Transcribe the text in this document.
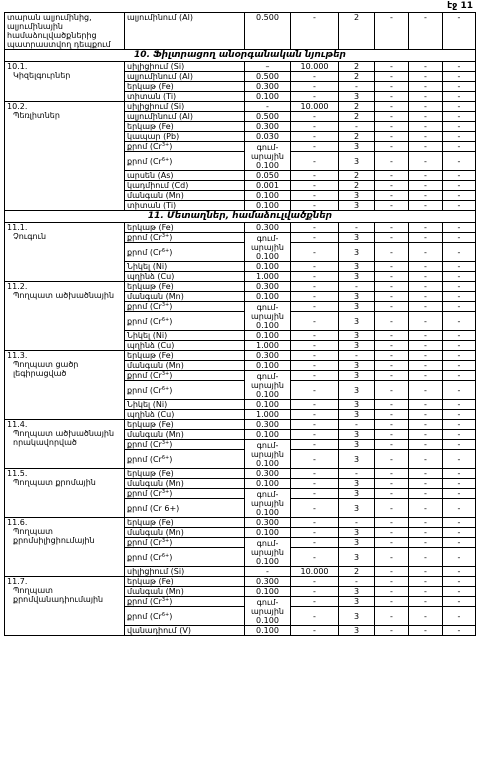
էջ 11
տարան ալյումինից, ալյումինային համաձուլվածքներից պատրաստվող դեպքում	ալյումինում (Al)	0.500	-	2	-	-	-
10. Ֆիլտրացող անօրգանական նյութեր							

10.1.
Կիզելգուրներ	սիլիցիում (Si)	–	10.000	2	-	-	-
	ալյումինում (Al)	0.500	-	2	-	-	-
	երկաթ (Fe)	0.300	-	-	-	-	-
	տիտան (Ti)	0.100	-	3	-	-	-

10.2.
Պեռլիտներ	սիլիցիում (Si)	-	10.000	2	-	-	-
	ալյումինում (Al)	0.500	-	2	-	-	-
	երկաթ (Fe)	0.300	-	-	-	-	-
	կապար (Pb)	0.030	-	2	-	-	-
	քրոմ $(Cr^{3+})$	գում-
արային
0.100	-	3	-	-	-
	քրոմ $(Cr^{6+})$		-	3	-	-	-
	արսեն (As)	0.050	-	2	-	-	-
	կադմիում (Cd)	0.001	-	2	-	-	-
	մանգան (Mn)	0.100	-	3	-	-	-
	տիտան (Ti)	0.100	-	3	-	-	-
11. Մետաղներ, համաձուլվածքներ							

11.1.
Չուգուն	երկաթ (Fe)	0.300	-	-	-	-	-
	քրոմ $(Cr^{3+})$	գում-
արային
0.100	-	3	-	-	-
	քրոմ $(Cr^{6+})$		-	3	-	-	-
	Նիկել (Ni)	0.100	-	3	-	-	-
	պղինձ (Cu)	1.000	-	3	-	-	-

11.2.
Պողպատ ածխածնային	երկաթ (Fe)	0.300	-	-	-	-	-
	մանգան (Mn)	0.100	-	3	-	-	-
	քրոմ $(Cr^{3+})$	գում-
արային
0.100	-	3	-	-	-
	քրոմ $(Cr^{6+})$		-	3	-	-	-
	Նիկել (Ni)	0.100	-	3	-	-	-
	պղինձ (Cu)	1.000	-	3	-	-	-

11.3.
Պողպատ ցածր լեգիրացված	երկաթ (Fe)	0.300	-	-	-	-	-
	մանգան (Mn)	0.100	-	3	-	-	-
	քրոմ $(Cr^{3+})$	գում-
արային
0.100	-	3	-	-	-
	քրոմ $(Cr^{6+})$		-	3	-	-	-
	Նիկել (Ni)	0.100	-	3	-	-	-
	պղինձ (Cu)	1.000	-	3	-	-	-

11.4.
Պողպատ ածխածնային որակավորված	երկաթ (Fe)	0.300	-	-	-	-	-
	մանգան (Mn)	0.100	-	3	-	-	-
	քրոմ $(Cr^{3+})$	գում-
արային
0.100	-	3	-	-	-
	քրոմ $(Cr^{6+})$		-	3	-	-	-

11.5.
Պողպատ քրոմային	երկաթ (Fe)	0.300	-	-	-	-	-
	մանգան (Mn)	0.100	-	3	-	-	-
	քրոմ $(Cr^{3+})$	գում-
արային
0.100	-	3	-	-	-
	քրոմ (Cr 6+)		-	3	-	-	-

11.6.
Պողպատ քրոմսիլիցիումային	երկաթ (Fe)	0.300	-	-	-	-	-
	մանգան (Mn)	0.100	-	3	-	-	-
	քրոմ $(Cr^{3+})$	գում-
արային
0.100	-	3	-	-	-
	քրոմ $(Cr^{6+})$		-	3	-	-	-
	սիլիցիում (Si)	-	10.000	2	-	-	-

11.7.
Պողպատ քրոմվանադիումային	երկաթ (Fe)	0.300	-	-	-	-	-
	մանգան (Mn)	0.100	-	3	-	-	-
	քրոմ $(Cr^{3+})$	գում-
արային
0.100	-	3	-	-	-
	քրոմ $(Cr^{6+})$		-	3	-	-	-
	վանադիում (V)	0.100	-	3	-	-	-
